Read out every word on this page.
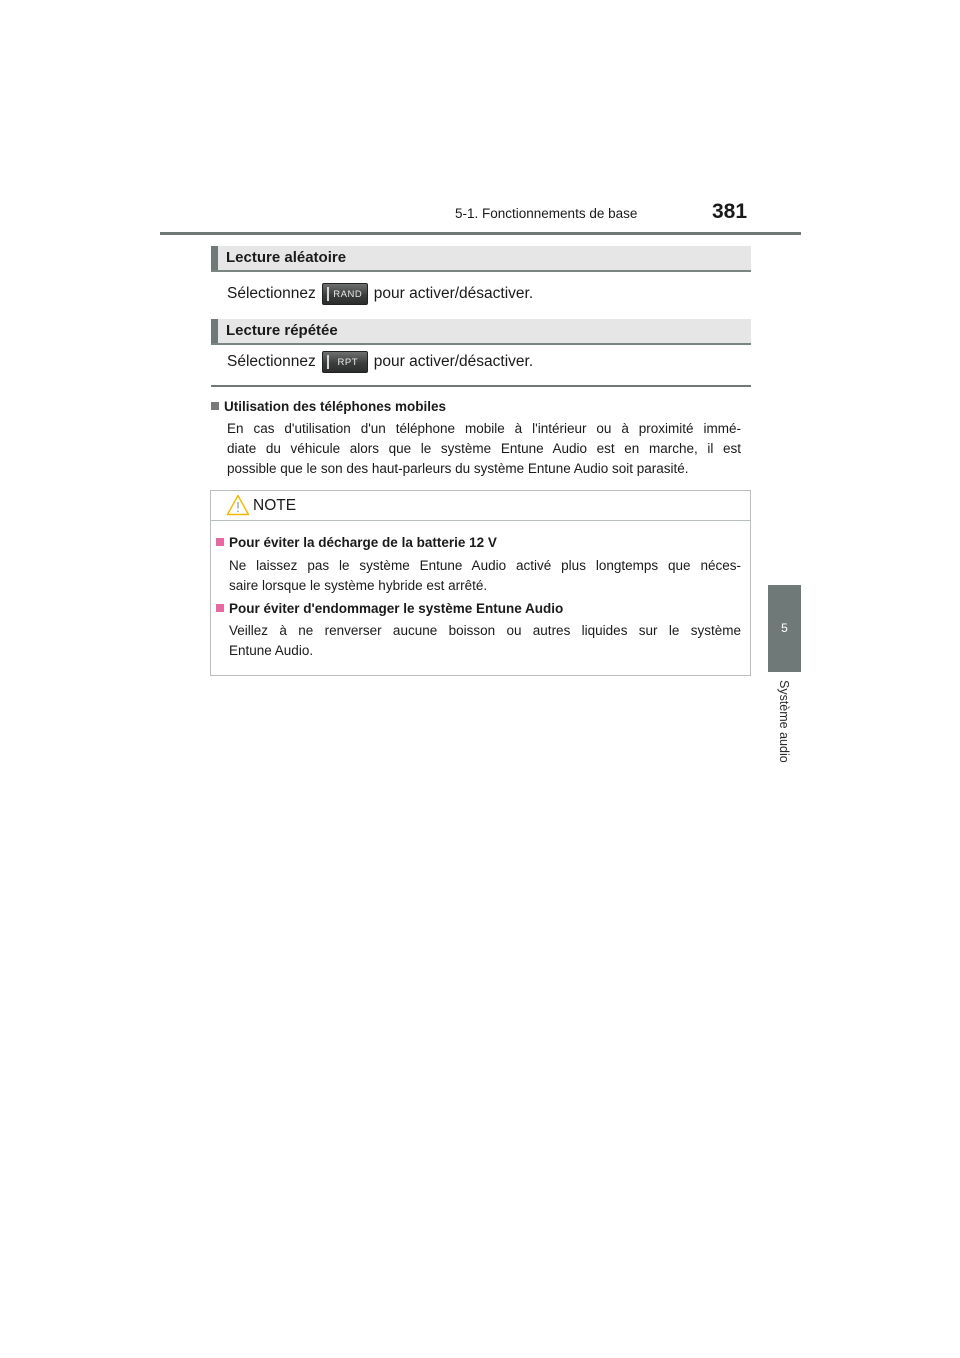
5-1. Fonctionnements de base	381
5
Système audio
Lecture aléatoire
Sélectionnez RAND pour activer/désactiver.
Lecture répétée
Sélectionnez RPT pour activer/désactiver.
Utilisation des téléphones mobiles
En cas d'utilisation d'un téléphone mobile à l'intérieur ou à proximité immé-
diate du véhicule alors que le système Entune Audio est en marche, il est
possible que le son des haut-parleurs du système Entune Audio soit parasité.
NOTE
Pour éviter la décharge de la batterie 12 V
Ne laissez pas le système Entune Audio activé plus longtemps que néces-
saire lorsque le système hybride est arrêté.
Pour éviter d'endommager le système Entune Audio
Veillez à ne renverser aucune boisson ou autres liquides sur le système
Entune Audio.
